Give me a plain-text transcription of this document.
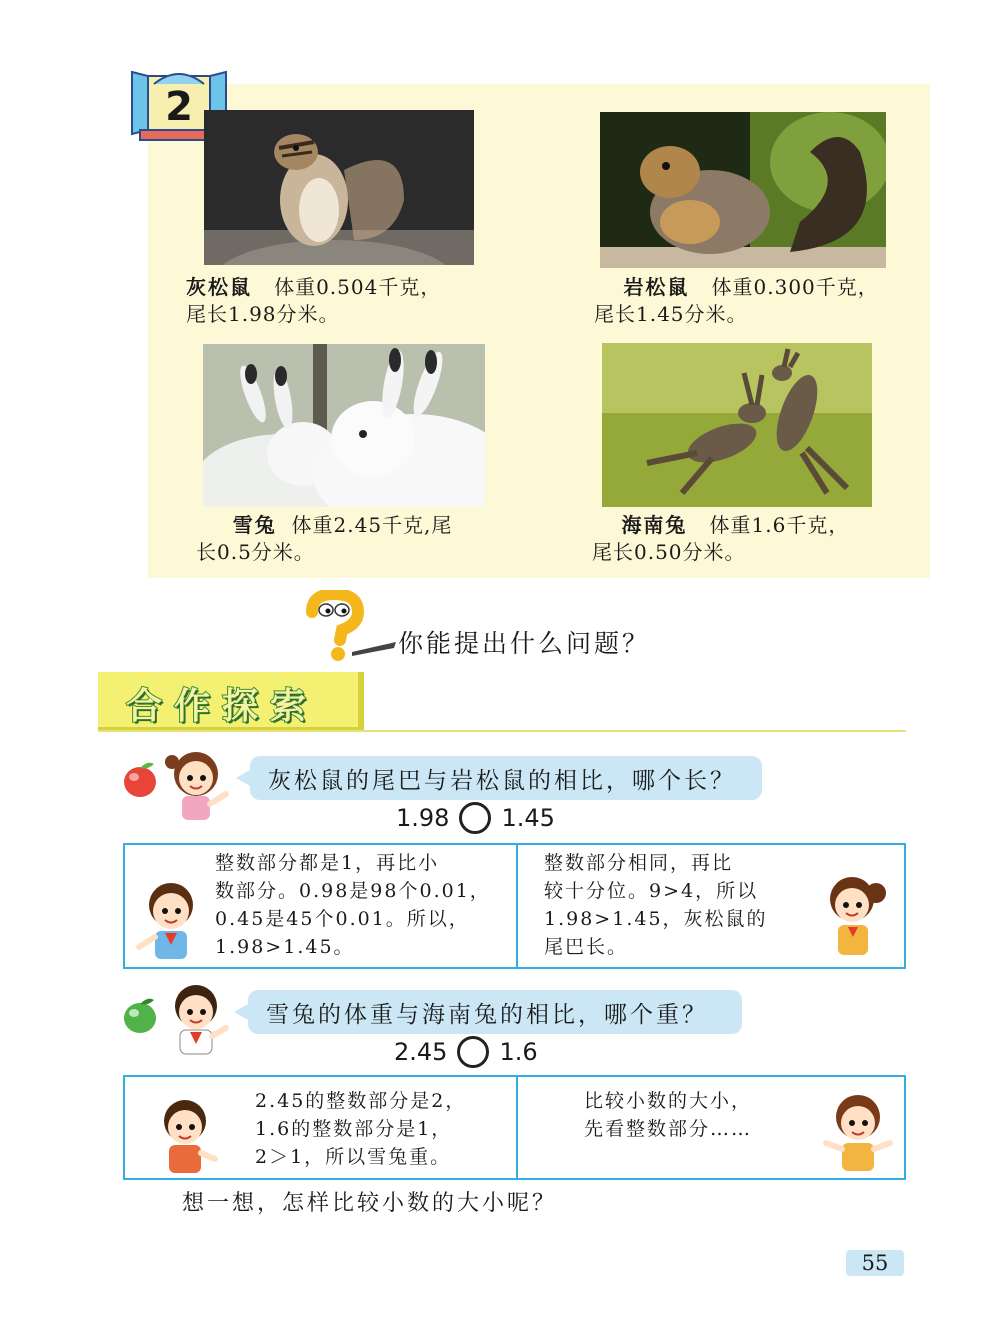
2
灰松鼠 体重0.504千克，
尾长1.98分米。
岩松鼠 体重0.300千克，
尾长1.45分米。
雪兔 体重2.45千克,尾
长0.5分米。
海南兔 体重1.6千克，
尾长0.50分米。
你能提出什么问题？
合作探索
灰松鼠的尾巴与岩松鼠的相比，哪个长？
1.98 1.45
整数部分都是1，再比小
数部分。0.98是98个0.01，
0.45是45个0.01。所以，
1.98>1.45。
整数部分相同，再比
较十分位。9>4，所以
1.98>1.45，灰松鼠的
尾巴长。
雪兔的体重与海南兔的相比，哪个重？
2.45 1.6
2.45的整数部分是2，
1.6的整数部分是1，
2＞1，所以雪兔重。
比较小数的大小，
先看整数部分……
想一想，怎样比较小数的大小呢？
55
